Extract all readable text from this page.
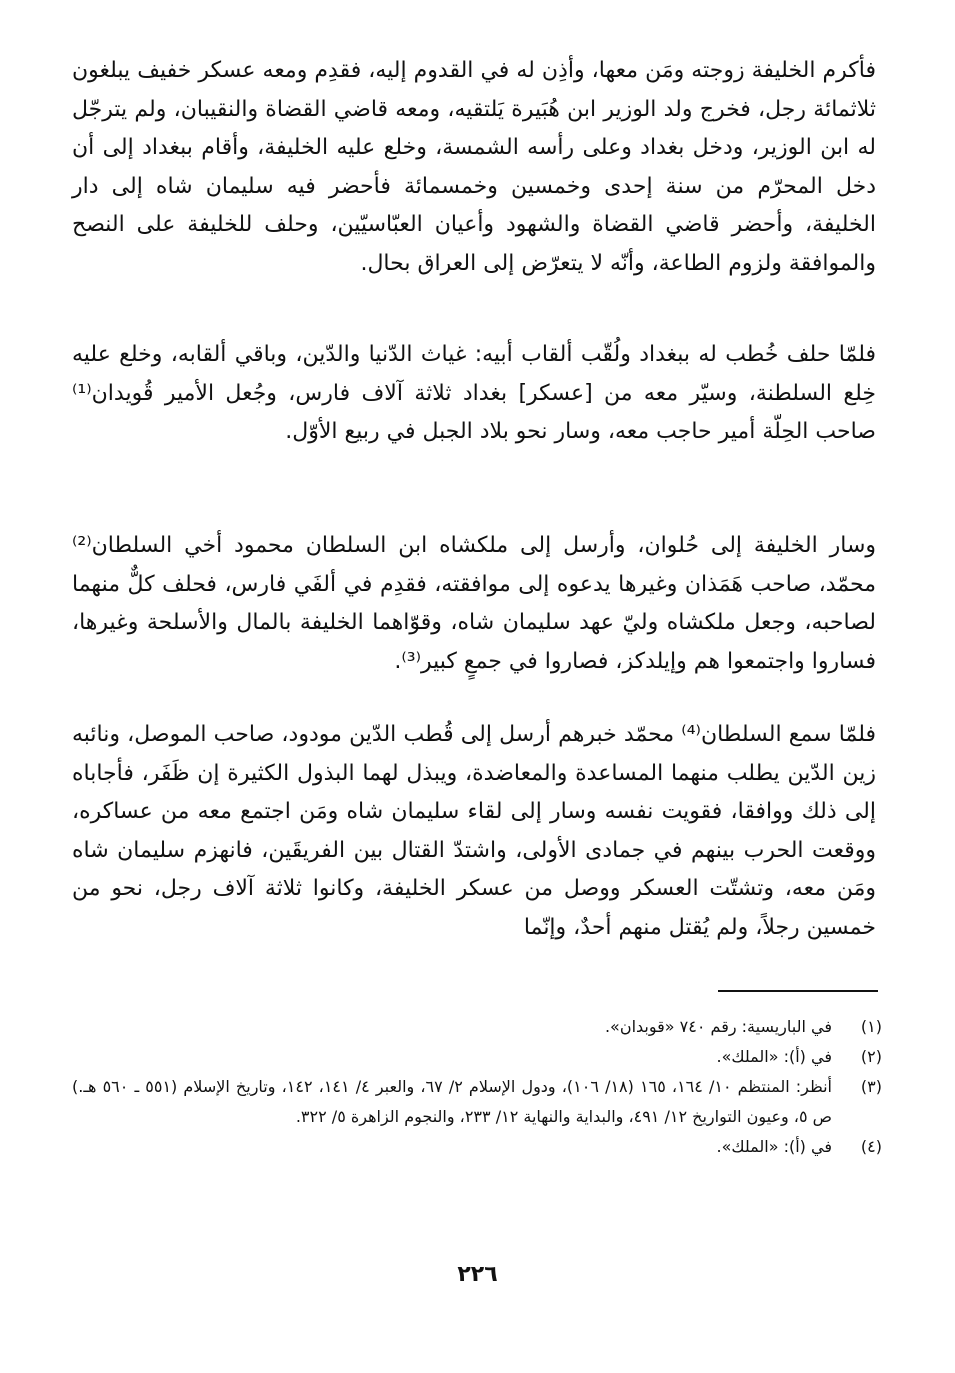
فأكرم الخليفة زوجته ومَن معها، وأذِن له في القدوم إليه، فقدِم ومعه عسكر خفيف يبلغون ثلاثمائة رجل، فخرج ولد الوزير ابن هُبَيرة يَلتقيه، ومعه قاضي القضاة والنقيبان، ولم يترجّل له ابن الوزير، ودخل بغداد وعلى رأسه الشمسة، وخلع عليه الخليفة، وأقام ببغداد إلى أن دخل المحرّم من سنة إحدى وخمسين وخمسمائة فأحضر فيه سليمان شاه إلى دار الخليفة، وأحضر قاضي القضاة والشهود وأعيان العبّاسيّين، وحلف للخليفة على النصح والموافقة ولزوم الطاعة، وأنّه لا يتعرّض إلى العراق بحال.

فلمّا حلف خُطب له ببغداد ولُقّب ألقاب أبيه: غياث الدّنيا والدّين، وباقي ألقابه، وخلع عليه خِلع السلطنة، وسيّر معه من [عسكر] بغداد ثلاثة آلاف فارس، وجُعل الأمير قُويدان⁽¹⁾ صاحب الحِلّة أمير حاجب معه، وسار نحو بلاد الجبل في ربيع الأوّل.

وسار الخليفة إلى حُلوان، وأرسل إلى ملكشاه ابن السلطان محمود أخي السلطان⁽²⁾ محمّد، صاحب هَمَذان وغيرها يدعوه إلى موافقته، فقدِم في ألفَي فارس، فحلف كلٌّ منهما لصاحبه، وجعل ملكشاه وليّ عهد سليمان شاه، وقوّاهما الخليفة بالمال والأسلحة وغيرها، فساروا واجتمعوا هم وإيلدكز، فصاروا في جمعٍ كبير⁽³⁾.

فلمّا سمع السلطان⁽⁴⁾ محمّد خبرهم أرسل إلى قُطب الدّين مودود، صاحب الموصل، ونائبه زين الدّين يطلب منهما المساعدة والمعاضدة، ويبذل لهما البذول الكثيرة إن ظَفَر، فأجاباه إلى ذلك ووافقا، فقويت نفسه وسار إلى لقاء سليمان شاه ومَن اجتمع معه من عساكره، ووقعت الحرب بينهم في جمادى الأولى، واشتدّ القتال بين الفريقَين، فانهزم سليمان شاه ومَن معه، وتشتّت العسكر ووصل من عسكر الخليفة، وكانوا ثلاثة آلاف رجل، نحو من خمسين رجلاً، ولم يُقتل منهم أحدٌ، وإنّما

(١)
في الباريسية: رقم ٧٤٠ «قوبدان».
(٢)
في (أ): «الملك».
(٣)
أنظر: المنتظم ١٠/ ١٦٤، ١٦٥ (١٨/ ١٠٦)، ودول الإسلام ٢/ ٦٧، والعبر ٤/ ١٤١، ١٤٢، وتاريخ الإسلام (٥٥١ ـ ٥٦٠ هـ.) ص ٥، وعيون التواريخ ١٢/ ٤٩١، والبداية والنهاية ١٢/ ٢٣٣، والنجوم الزاهرة ٥/ ٣٢٢.
(٤)
في (أ): «الملك».
٢٢٦
